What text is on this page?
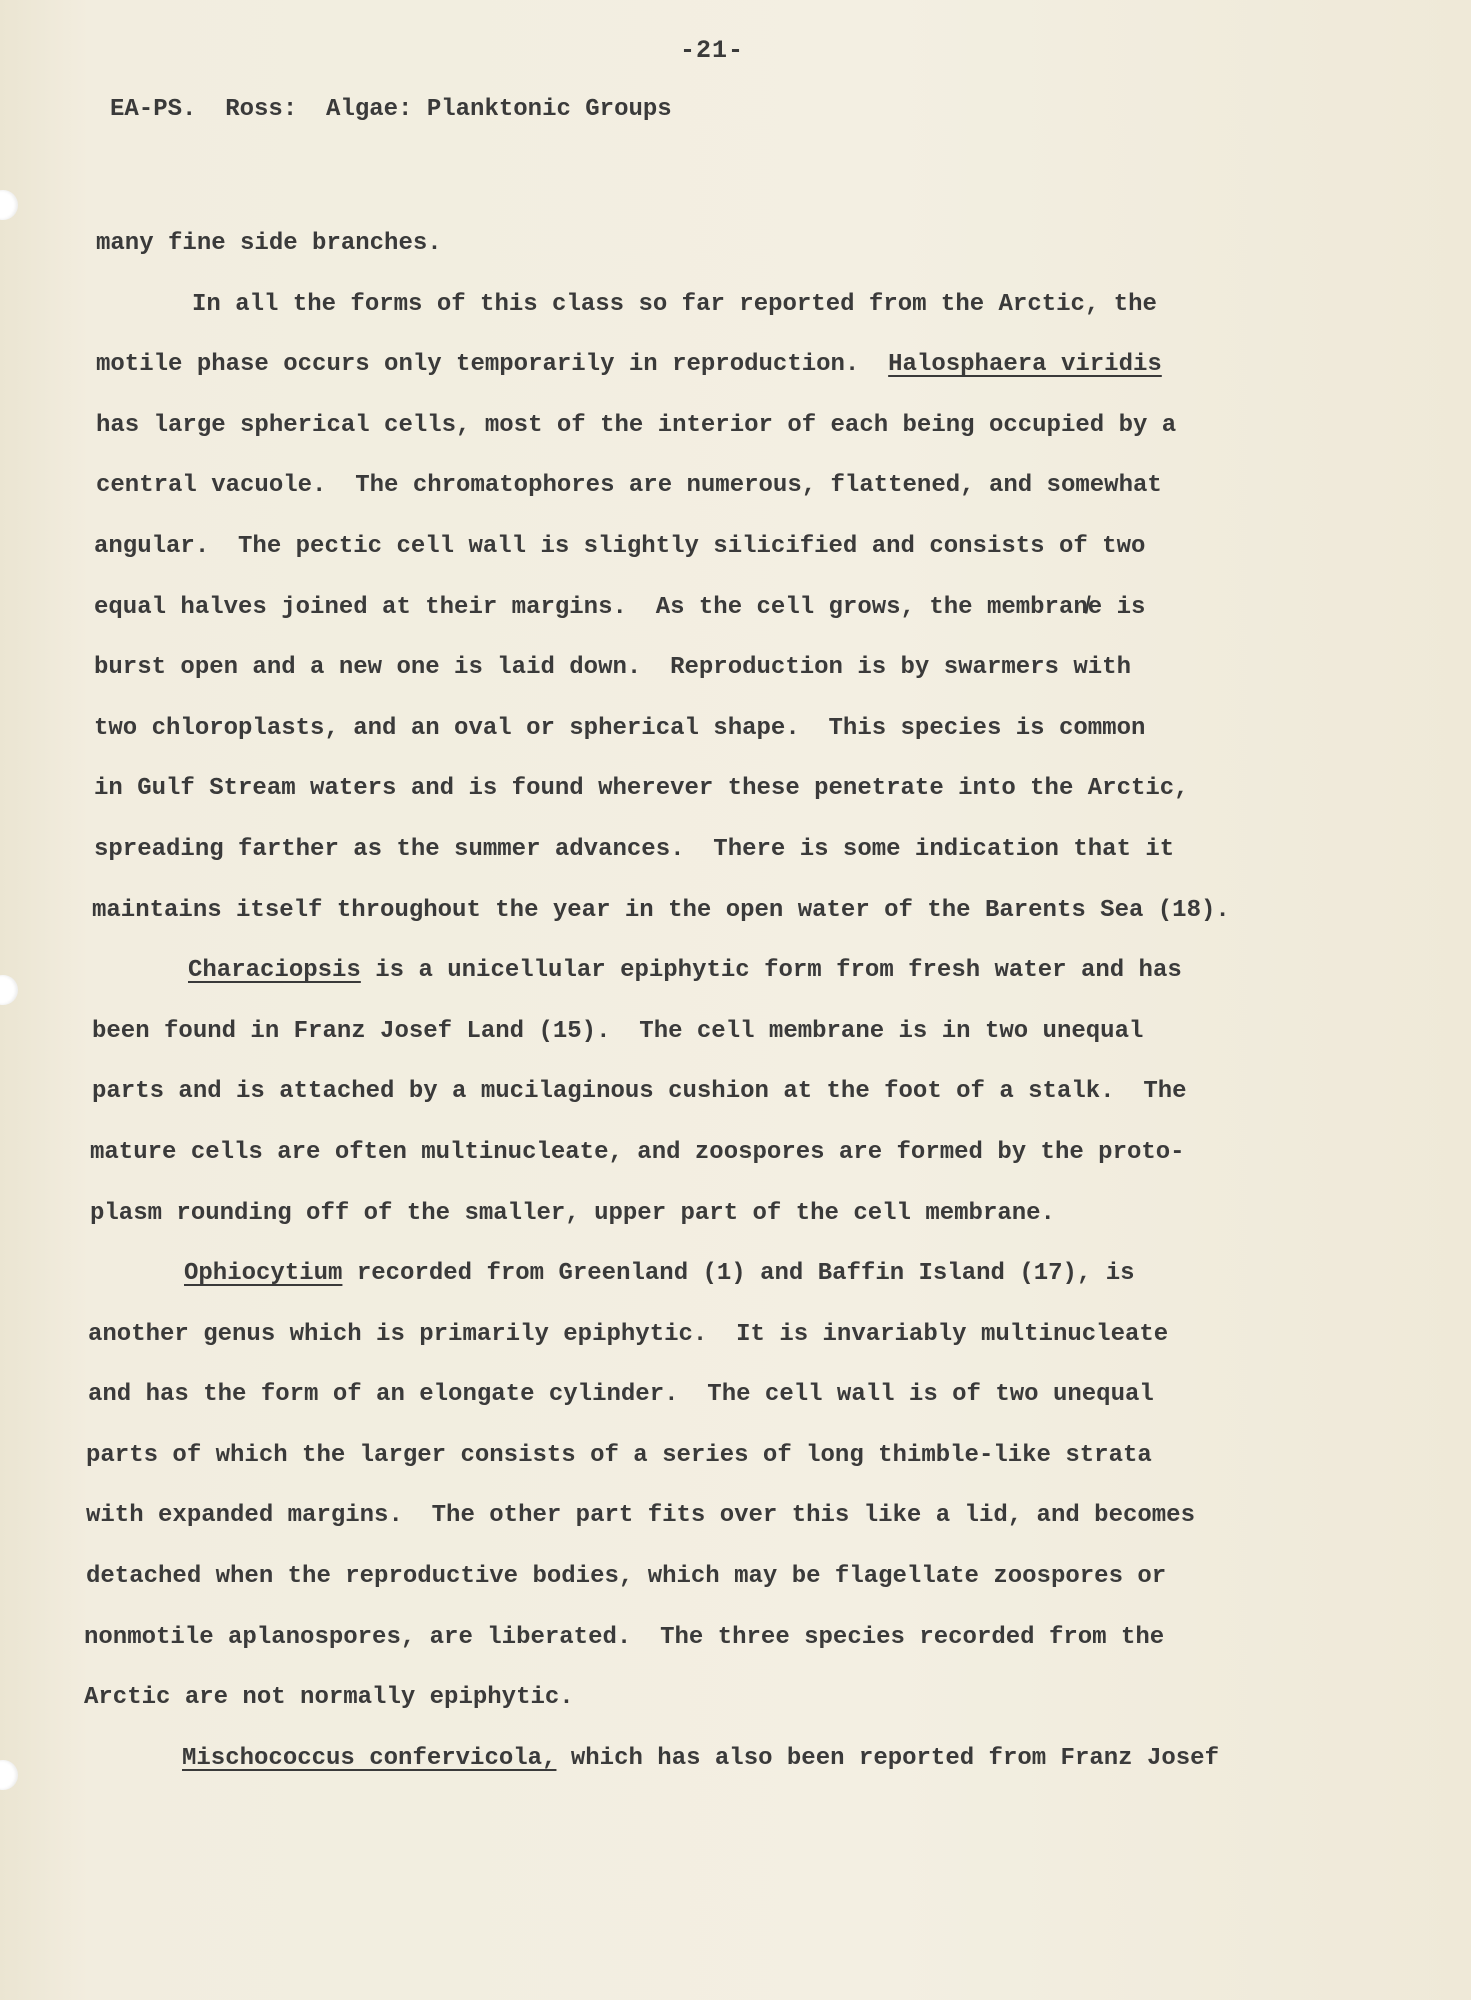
-21-
EA-PS.  Ross:  Algae: Planktonic Groups
many fine side branches.
In all the forms of this class so far reported from the Arctic, the
motile phase occurs only temporarily in reproduction.  Halosphaera viridis
has large spherical cells, most of the interior of each being occupied by a
central vacuole.  The chromatophores are numerous, flattened, and somewhat
angular.  The pectic cell wall is slightly silicified and consists of two
equal halves joined at their margins.  As the cell grows, the membran̸e is
burst open and a new one is laid down.  Reproduction is by swarmers with
two chloroplasts, and an oval or spherical shape.  This species is common
in Gulf Stream waters and is found wherever these penetrate into the Arctic,
spreading farther as the summer advances.  There is some indication that it
maintains itself throughout the year in the open water of the Barents Sea (18).
Characiopsis is a unicellular epiphytic form from fresh water and has
been found in Franz Josef Land (15).  The cell membrane is in two unequal
parts and is attached by a mucilaginous cushion at the foot of a stalk.  The
mature cells are often multinucleate, and zoospores are formed by the proto-
plasm rounding off of the smaller, upper part of the cell membrane.
Ophiocytium recorded from Greenland (1) and Baffin Island (17), is
another genus which is primarily epiphytic.  It is invariably multinucleate
and has the form of an elongate cylinder.  The cell wall is of two unequal
parts of which the larger consists of a series of long thimble-like strata
with expanded margins.  The other part fits over this like a lid, and becomes
detached when the reproductive bodies, which may be flagellate zoospores or
nonmotile aplanospores, are liberated.  The three species recorded from the
Arctic are not normally epiphytic.
Mischococcus confervicola, which has also been reported from Franz Josef
